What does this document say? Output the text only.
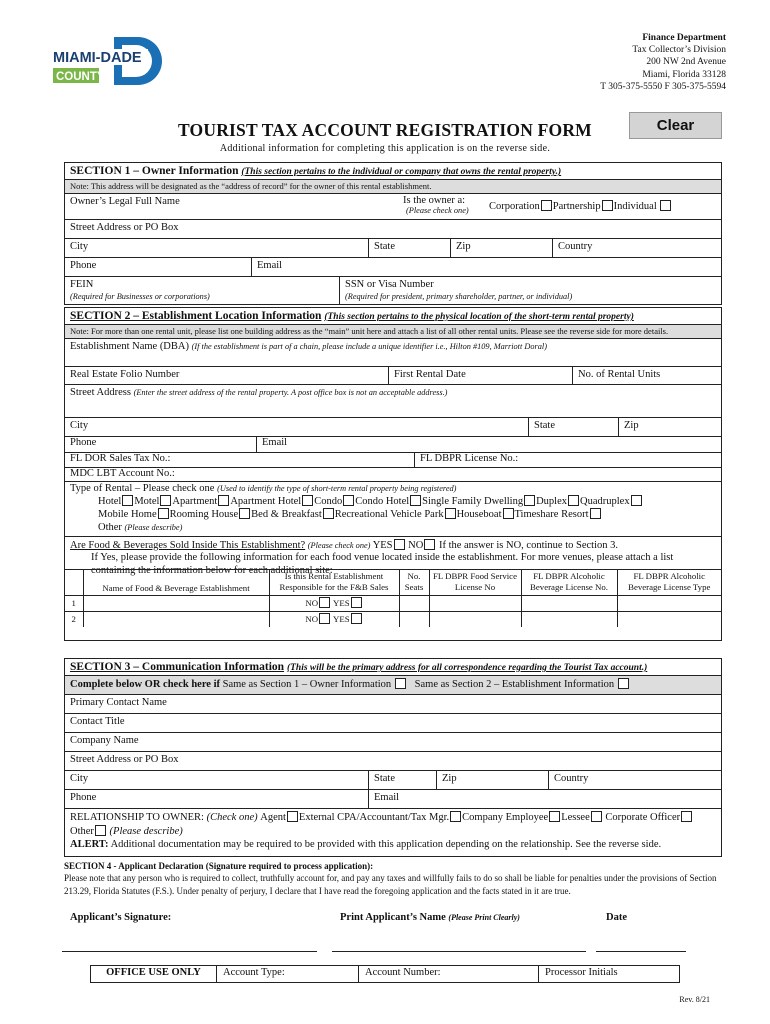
MIAMI-DADE
COUNTY
Finance Department
Tax Collector’s Division
200 NW 2nd Avenue
Miami, Florida 33128
T 305-375-5550 F 305-375-5594
TOURIST TAX ACCOUNT REGISTRATION FORM	Clear
Additional information for completing this application is on the reverse side.
SECTION 1 – Owner Information (This section pertains to the individual or company that owns the rental property.)
Note: This address will be designated as the “address of record” for the owner of this rental establishment.
Owner’s Legal Full Name	Is the owner a:
(Please check one) Corporation Partnership Individual
Street Address or PO Box
City	State	Zip	Country
Phone	Email
FEIN
(Required for Businesses or corporations)
SSN or Visa Number
(Required for president, primary shareholder, partner, or individual)
SECTION 2 – Establishment Location Information (This section pertains to the physical location of the short-term rental property)
Note: For more than one rental unit, please list one building address as the “main” unit here and attach a list of all other rental units. Please see the reverse side for more details.
Establishment Name (DBA) (If the establishment is part of a chain, please include a unique identifier i.e., Hilton #109, Marriott Doral)
Real Estate Folio Number	First Rental Date	No. of Rental Units
Street Address (Enter the street address of the rental property. A post office box is not an acceptable address.)
City	State	Zip
Phone	Email
FL DOR Sales Tax No.:	FL DBPR License No.:
MDC LBT Account No.:
Type of Rental – Please check one (Used to identify the type of short-term rental property being registered)
Hotel Motel Apartment Apartment Hotel Condo Condo Hotel Single Family Dwelling Duplex Quadruplex
Mobile Home Rooming House Bed & Breakfast Recreational Vehicle Park Houseboat Timeshare Resort
Other (Please describe)
Are Food & Beverages Sold Inside This Establishment? (Please check one) YES NO If the answer is NO, continue to Section 3.
If Yes, please provide the following information for each food venue located inside the establishment. For more venues, please attach a list containing the information below for each additional site:
	Name of Food & Beverage Establishment	Is this Rental Establishment Responsible for the F&B Sales	No. Seats	FL DBPR Food Service License No	FL DBPR Alcoholic Beverage License No.	FL DBPR Alcoholic Beverage License Type
1		NO YES				
2		NO YES				
SECTION 3 – Communication Information (This will be the primary address for all correspondence regarding the Tourist Tax account.)
Complete below OR check here if Same as Section 1 – Owner Information Same as Section 2 – Establishment Information
Primary Contact Name
Contact Title
Company Name
Street Address or PO Box
City	State	Zip	Country
Phone	Email
RELATIONSHIP TO OWNER: (Check one) Agent External CPA/Accountant/Tax Mgr. Company Employee Lessee Corporate OfficerOther (Please describe)
ALERT: Additional documentation may be required to be provided with this application depending on the relationship. See the reverse side.
SECTION 4 - Applicant Declaration (Signature required to process application):
Please note that any person who is required to collect, truthfully account for, and pay any taxes and willfully fails to do so shall be liable for penalties under the provisions of Section 213.29, Florida Statutes (F.S.). Under penalty of perjury, I declare that I have read the foregoing application and the facts stated in it are true.
Applicant’s Signature:	Print Applicant’s Name (Please Print Clearly)	Date
OFFICE USE ONLY	Account Type:	Account Number:	Processor Initials
Rev. 8/21
